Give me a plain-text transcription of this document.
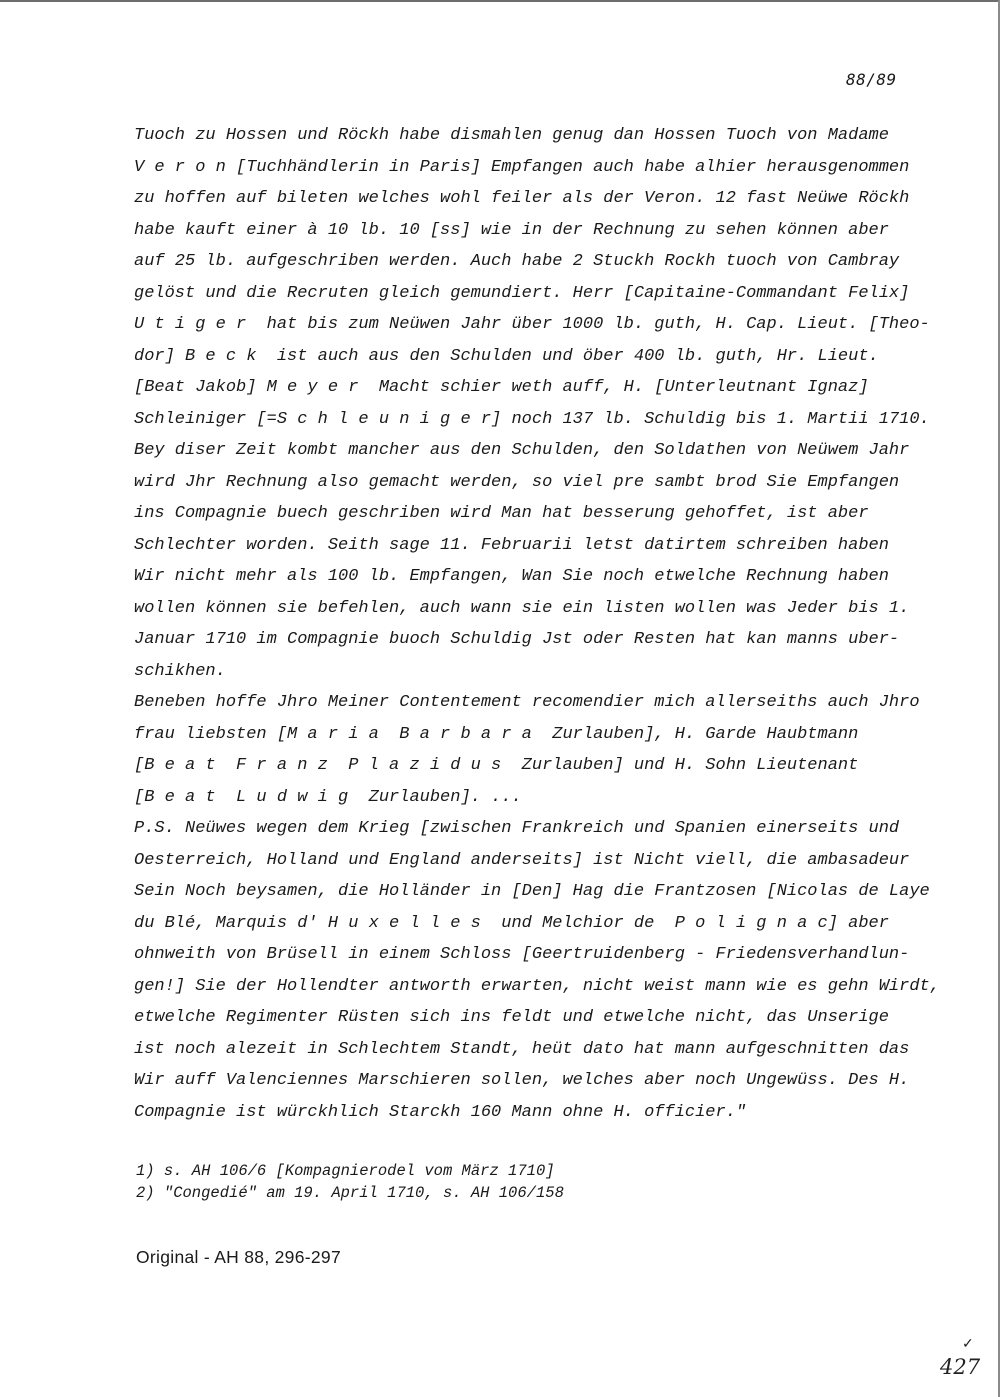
88/89
Tuoch zu Hossen und Röckh habe dismahlen genug dan Hossen Tuoch von Madame
V e r o n [Tuchhändlerin in Paris] Empfangen auch habe alhier herausgenommen
zu hoffen auf bileten welches wohl feiler als der Veron. 12 fast Neüwe Röckh
habe kauft einer à 10 lb. 10 [ss] wie in der Rechnung zu sehen können aber
auf 25 lb. aufgeschriben werden. Auch habe 2 Stuckh Rockh tuoch von Cambray
gelöst und die Recruten gleich gemundiert. Herr [Capitaine-Commandant Felix]
U t i g e r  hat bis zum Neüwen Jahr über 1000 lb. guth, H. Cap. Lieut. [Theo-
dor] B e c k  ist auch aus den Schulden und öber 400 lb. guth, Hr. Lieut.
[Beat Jakob] M e y e r  Macht schier weth auff, H. [Unterleutnant Ignaz]
Schleiniger [=S c h l e u n i g e r] noch 137 lb. Schuldig bis 1. Martii 1710.
Bey diser Zeit kombt mancher aus den Schulden, den Soldathen von Neüwem Jahr
wird Jhr Rechnung also gemacht werden, so viel pre sambt brod Sie Empfangen
ins Compagnie buech geschriben wird Man hat besserung gehoffet, ist aber
Schlechter worden. Seith sage 11. Februarii letst datirtem schreiben haben
Wir nicht mehr als 100 lb. Empfangen, Wan Sie noch etwelche Rechnung haben
wollen können sie befehlen, auch wann sie ein listen wollen was Jeder bis 1.
Januar 1710 im Compagnie buoch Schuldig Jst oder Resten hat kan manns uber-
schikhen.
Beneben hoffe Jhro Meiner Contentement recomendier mich allerseiths auch Jhro
frau liebsten [M a r i a  B a r b a r a  Zurlauben], H. Garde Haubtmann
[B e a t  F r a n z  P l a z i d u s  Zurlauben] und H. Sohn Lieutenant
[B e a t  L u d w i g  Zurlauben]. ...
P.S. Neüwes wegen dem Krieg [zwischen Frankreich und Spanien einerseits und
Oesterreich, Holland und England anderseits] ist Nicht viell, die ambasadeur
Sein Noch beysamen, die Holländer in [Den] Hag die Frantzosen [Nicolas de Laye
du Blé, Marquis d' H u x e l l e s  und Melchior de  P o l i g n a c] aber
ohnweith von Brüsell in einem Schloss [Geertruidenberg - Friedensverhandlun-
gen!] Sie der Hollendter antworth erwarten, nicht weist mann wie es gehn Wirdt,
etwelche Regimenter Rüsten sich ins feldt und etwelche nicht, das Unserige
ist noch alezeit in Schlechtem Standt, heüt dato hat mann aufgeschnitten das
Wir auff Valenciennes Marschieren sollen, welches aber noch Ungewüss. Des H.
Compagnie ist würckhlich Starckh 160 Mann ohne H. officier."
1) s. AH 106/6 [Kompagnierodel vom März 1710]
2) "Congedié" am 19. April 1710, s. AH 106/158
Original - AH 88, 296-297
✓
427
